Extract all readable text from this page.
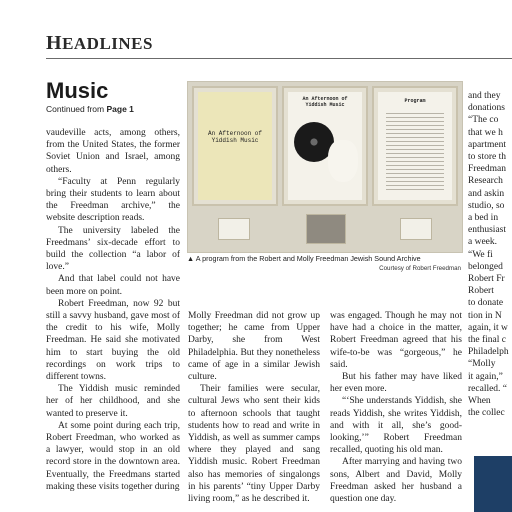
HEADLINES
Music
Continued from Page 1

vaudeville acts, among others, from the United States, the former Soviet Union and Israel, among others.

“Faculty at Penn regularly bring their students to learn about the Freedman archive,” the website description reads.

The university labeled the Freedmans’ six-decade effort to build the collection “a labor of love.”

And that label could not have been more on point.

Robert Freedman, now 92 but still a savvy husband, gave most of the credit to his wife, Molly Freedman. He said she motivated him to start buying the old recordings on work trips to different towns.

The Yiddish music reminded her of her childhood, and she wanted to preserve it.

At some point during each trip, Robert Freedman, who worked as a lawyer, would stop in an old record store in the downtown area. Eventually, the Freedmans started making these visits together during

An Afternoon of Yiddish Music
An Afternoon of Yiddish Music
Program
▲ A program from the Robert and Molly Freedman Jewish Sound Archive
Courtesy of Robert Freedman

Molly Freedman did not grow up together; he came from Upper Darby, she from West Philadelphia. But they nonetheless came of age in a similar Jewish culture.

Their families were secular, cultural Jews who sent their kids to afternoon schools that taught students how to read and write in Yiddish, as well as summer camps where they played and sang Yiddish music. Robert Freedman also has memories of singalongs in his parents’ “tiny Upper Darby living room,” as he described it.

was engaged. Though he may not have had a choice in the matter, Robert Freedman agreed that his wife-to-be was “gorgeous,” he said.

But his father may have liked her even more.

“‘She understands Yiddish, she reads Yiddish, she writes Yiddish, and with it all, she’s good-looking,’” Robert Freedman recalled, quoting his old man.

After marrying and having two sons, Albert and David, Molly Freedman asked her husband a question one day.

and they

donations

“The co

that we h

apartment

to store th

Freedman

Research

and askin

studio, so

a bed in

enthusiast

a week.

“We fi

belonged

Robert Fr

Robert

to donate

tion in N

again, it w

the final c

Philadelph

“Molly

it again,”

recalled. “

When

the collec
